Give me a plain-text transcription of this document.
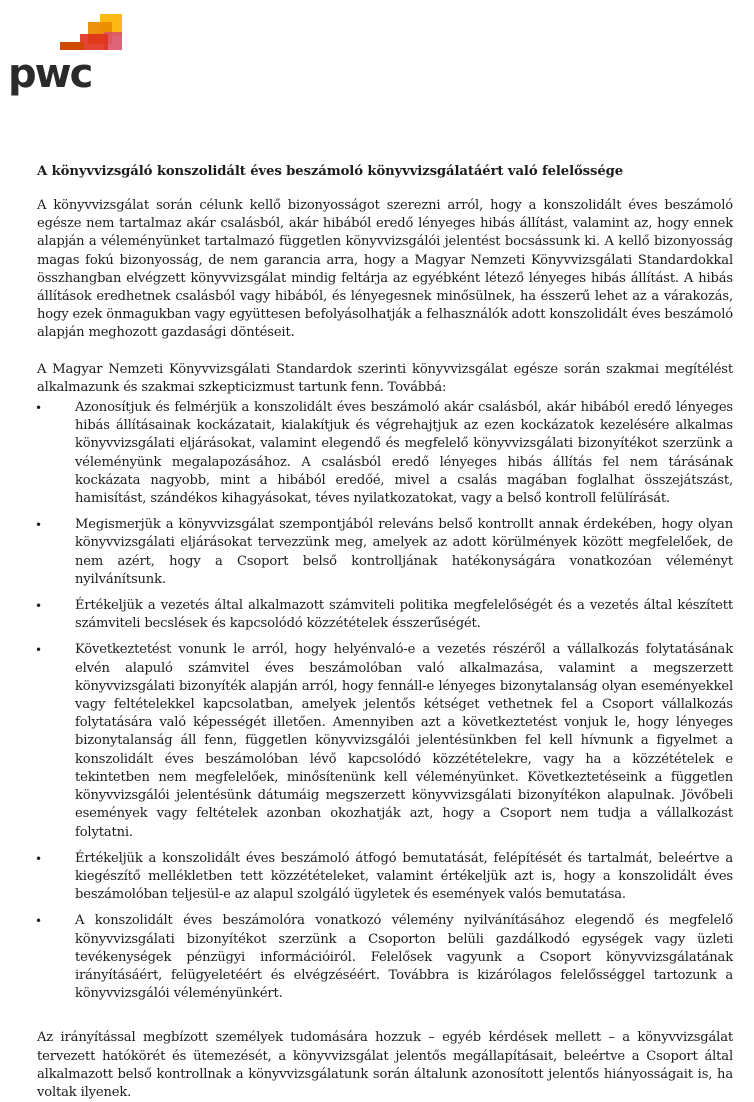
pwc
A könyvvizsgáló konszolidált éves beszámoló könyvvizsgálatáért való felelőssége

A könyvvizsgálat során célunk kellő bizonyosságot szerezni arról, hogy a konszolidált éves beszámoló egésze nem tartalmaz akár csalásból, akár hibából eredő lényeges hibás állítást, valamint az, hogy ennek alapján a véleményünket tartalmazó független könyvvizsgálói jelentést bocsássunk ki. A kellő bizonyosság magas fokú bizonyosság, de nem garancia arra, hogy a Magyar Nemzeti Könyvvizsgálati Standardokkal összhangban elvégzett könyvvizsgálat mindig feltárja az egyébként létező lényeges hibás állítást. A hibás állítások eredhetnek csalásból vagy hibából, és lényegesnek minősülnek, ha ésszerű lehet az a várakozás, hogy ezek önmagukban vagy együttesen befolyásolhatják a felhasználók adott konszolidált éves beszámoló alapján meghozott gazdasági döntéseit.

A Magyar Nemzeti Könyvvizsgálati Standardok szerinti könyvvizsgálat egésze során szakmai megítélést alkalmazunk és szakmai szkepticizmust tartunk fenn. Továbbá:

•	Azonosítjuk és felmérjük a konszolidált éves beszámoló akár csalásból, akár hibából eredő lényeges hibás állításainak kockázatait, kialakítjuk és végrehajtjuk az ezen kockázatok kezelésére alkalmas könyvvizsgálati eljárásokat, valamint elegendő és megfelelő könyvvizsgálati bizonyítékot szerzünk a véleményünk megalapozásához. A csalásból eredő lényeges hibás állítás fel nem tárásának kockázata nagyobb, mint a hibából eredőé, mivel a csalás magában foglalhat összejátszást, hamisítást, szándékos kihagyásokat, téves nyilatkozatokat, vagy a belső kontroll felülírását.
•	Megismerjük a könyvvizsgálat szempontjából releváns belső kontrollt annak érdekében, hogy olyan könyvvizsgálati eljárásokat tervezzünk meg, amelyek az adott körülmények között megfelelőek, de nem azért, hogy a Csoport belső kontrolljának hatékonyságára vonatkozóan véleményt nyilvánítsunk.
•	Értékeljük a vezetés által alkalmazott számviteli politika megfelelőségét és a vezetés által készített számviteli becslések és kapcsolódó közzétételek ésszerűségét.
•	Következtetést vonunk le arról, hogy helyénvaló-e a vezetés részéről a vállalkozás folytatásának elvén alapuló számvitel éves beszámolóban való alkalmazása, valamint a megszerzett könyvvizsgálati bizonyíték alapján arról, hogy fennáll-e lényeges bizonytalanság olyan eseményekkel vagy feltételekkel kapcsolatban, amelyek jelentős kétséget vethetnek fel a Csoport vállalkozás folytatására való képességét illetően. Amennyiben azt a következtetést vonjuk le, hogy lényeges bizonytalanság áll fenn, független könyvvizsgálói jelentésünkben fel kell hívnunk a figyelmet a konszolidált éves beszámolóban lévő kapcsolódó közzétételekre, vagy ha a közzétételek e tekintetben nem megfelelőek, minősítenünk kell véleményünket. Következtetéseink a független könyvvizsgálói jelentésünk dátumáig megszerzett könyvvizsgálati bizonyítékon alapulnak. Jövőbeli események vagy feltételek azonban okozhatják azt, hogy a Csoport nem tudja a vállalkozást folytatni.
•	Értékeljük a konszolidált éves beszámoló átfogó bemutatását, felépítését és tartalmát, beleértve a kiegészítő mellékletben tett közzétételeket, valamint értékeljük azt is, hogy a konszolidált éves beszámolóban teljesül-e az alapul szolgáló ügyletek és események valós bemutatása.
•	A konszolidált éves beszámolóra vonatkozó vélemény nyilvánításához elegendő és megfelelő könyvvizsgálati bizonyítékot szerzünk a Csoporton belüli gazdálkodó egységek vagy üzleti tevékenységek pénzügyi információiról. Felelősek vagyunk a Csoport könyvvizsgálatának irányításáért, felügyeletéért és elvégzéséért. Továbbra is kizárólagos felelősséggel tartozunk a könyvvizsgálói véleményünkért.

Az irányítással megbízott személyek tudomására hozzuk – egyéb kérdések mellett – a könyvvizsgálat tervezett hatókörét és ütemezését, a könyvvizsgálat jelentős megállapításait, beleértve a Csoport által alkalmazott belső kontrollnak a könyvvizsgálatunk során általunk azonosított jelentős hiányosságait is, ha voltak ilyenek.
